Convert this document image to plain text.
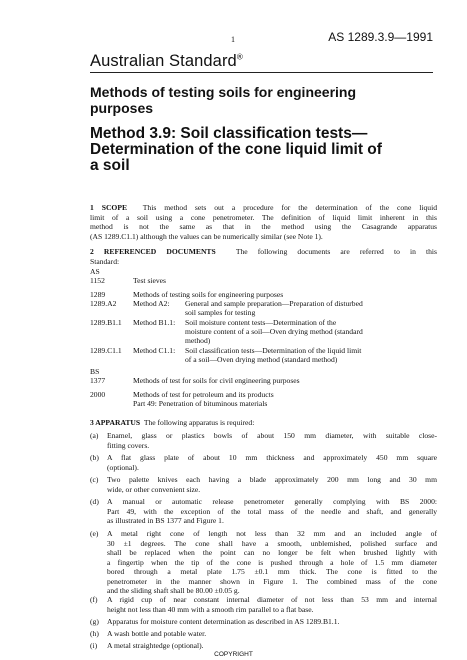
1	AS 1289.3.9—1991
Australian Standard®
Methods of testing soils for engineering
purposes
Method 3.9: Soil classification tests—
Determination of the cone liquid limit of
a soil
1 SCOPE This method sets out a procedure for the determination of the cone liquid
limit of a soil using a cone penetrometer. The definition of liquid limit inherent in this
method is not the same as that in the method using the Casagrande apparatus
(AS 1289.C1.1) although the values can be numerically similar (see Note 1).
2 REFERENCED DOCUMENTS	The following documents are referred to in this
Standard:
AS
1152	Test sieves
1289	Methods of testing soils for engineering purposes
1289.A2 Method A2: General and sample preparation—Preparation of disturbed
soil samples for testing
1289.B1.1 Method B1.1: Soil moisture content tests—Determination of the
moisture content of a soil—Oven drying method (standard
method)
1289.C1.1 Method C1.1: Soil classification tests—Determination of the liquid limit
of a soil—Oven drying method (standard method)
BS
1377	Methods of test for soils for civil engineering purposes
2000	Methods of test for petroleum and its products
Part 49: Penetration of bituminous materials
3 APPARATUS The following apparatus is required:
(a) Enamel, glass or plastics bowls of about 150 mm diameter, with suitable close-
fitting covers.
(b) A flat glass plate of about 10 mm thickness and approximately 450 mm square
(optional).
(c) Two palette knives each having a blade approximately 200 mm long and 30 mm
wide, or other convenient size.
(d) A manual or automatic release penetrometer generally complying with BS 2000:
Part 49, with the exception of the total mass of the needle and shaft, and generally
as illustrated in BS 1377 and Figure 1.
(e) A metal right cone of length not less than 32 mm and an included angle of
30 ±1 degrees. The cone shall have a smooth, unblemished, polished surface and
shall be replaced when the point can no longer be felt when brushed lightly with
a fingertip when the tip of the cone is pushed through a hole of 1.5 mm diameter
bored through a metal plate 1.75 ±0.1 mm thick. The cone is fitted to the
penetrometer in the manner shown in Figure 1. The combined mass of the cone
and the sliding shaft shall be 80.00 ±0.05 g.
(f) A rigid cup of near constant internal diameter of not less than 53 mm and internal
height not less than 40 mm with a smooth rim parallel to a flat base.
(g) Apparatus for moisture content determination as described in AS 1289.B1.1.
(h) A wash bottle and potable water.
(i) A metal straightedge (optional).
COPYRIGHT
